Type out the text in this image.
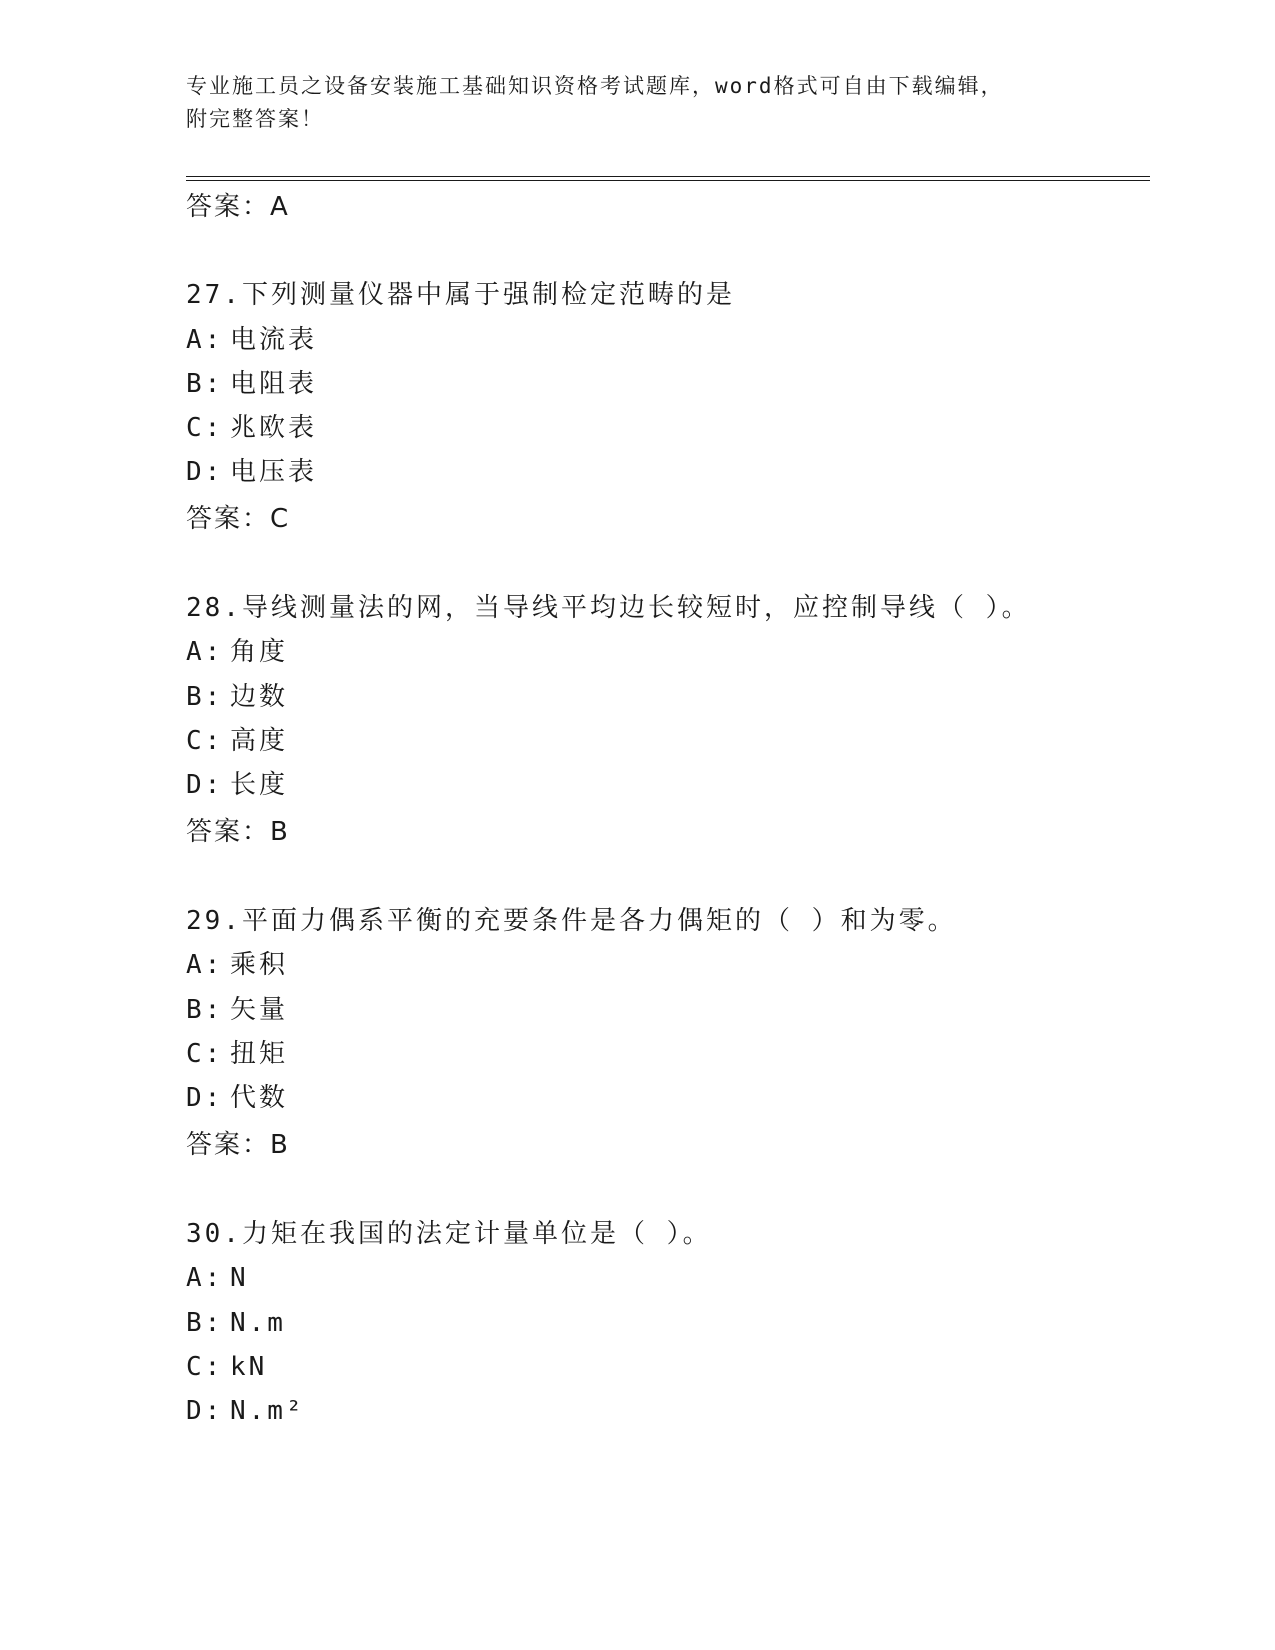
专业施工员之设备安装施工基础知识资格考试题库，word格式可自由下载编辑，
附完整答案！
答案：A
27.下列测量仪器中属于强制检定范畴的是
A: 电流表
B: 电阻表
C: 兆欧表
D: 电压表
答案：C
28.导线测量法的网，当导线平均边长较短时，应控制导线（ ）。
A: 角度
B: 边数
C: 高度
D: 长度
答案：B
29.平面力偶系平衡的充要条件是各力偶矩的（ ）和为零。
A: 乘积
B: 矢量
C: 扭矩
D: 代数
答案：B
30.力矩在我国的法定计量单位是（ ）。
A: N
B: N.m
C: kN
D: N.m²
